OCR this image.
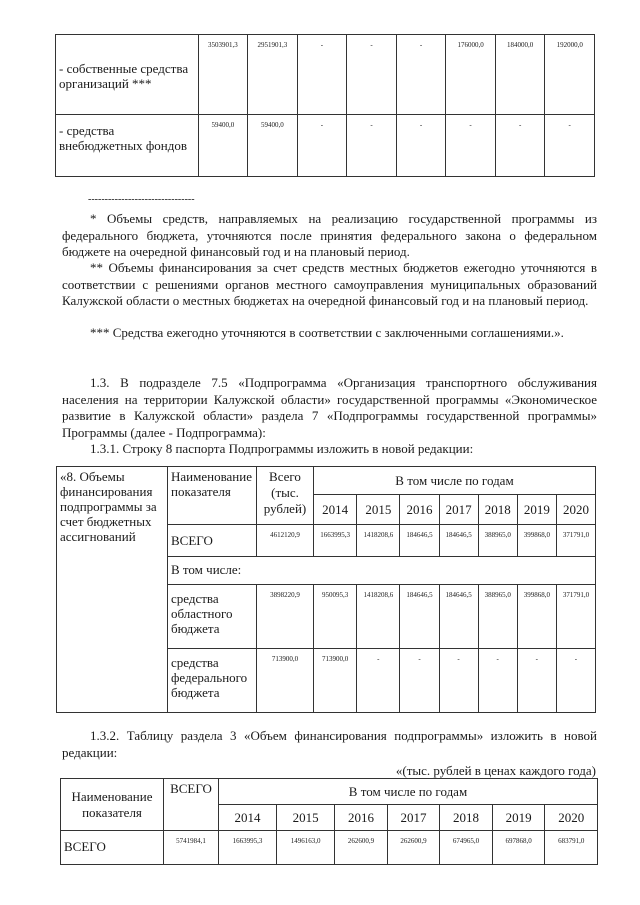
- собственные средства организаций ***	3503901,3	2951901,3	-	-	-	176000,0	184000,0	192000,0
- средства внебюджетных фондов	59400,0	59400,0	-	-	-	-	-	-
--------------------------------

* Объемы средств, направляемых на реализацию государственной программы из федерального бюджета, уточняются после принятия федерального закона о федеральном бюджете на очередной финансовый год и на плановый период.

** Объемы финансирования за счет средств местных бюджетов ежегодно уточняются в соответствии с решениями органов местного самоуправления муниципальных образований Калужской области о местных бюджетах на очередной финансовый год и на плановый период.

*** Средства ежегодно уточняются в соответствии с заключенными соглашениями.».

1.3. В подразделе 7.5 «Подпрограмма «Организация транспортного обслуживания населения на территории Калужской области» государственной программы «Экономическое развитие в Калужской области» раздела 7 «Подпрограммы государственной программы» Программы (далее - Подпрограмма):

1.3.1. Строку 8 паспорта Подпрограммы изложить в новой редакции:

«8. Объемы финансирования подпрограммы за счет бюджетных ассигнований	Наименование показателя	Всего (тыс. рублей)	В том числе по годам						
			2014	2015	2016	2017	2018	2019	2020
	ВСЕГО	4612120,9	1663995,3	1418208,6	184646,5	184646,5	388965,0	399868,0	371791,0
	В том числе:								
	средства областного бюджета	3898220,9	950095,3	1418208,6	184646,5	184646,5	388965,0	399868,0	371791,0
	средства федерального бюджета	713900,0	713900,0	-	-	-	-	-	-

1.3.2. Таблицу раздела 3 «Объем финансирования подпрограммы» изложить в новой редакции:

«(тыс. рублей в ценах каждого года)
Наименование показателя	ВСЕГО	В том числе по годам						
		2014	2015	2016	2017	2018	2019	2020
ВСЕГО	5741984,1	1663995,3	1496163,0	262600,9	262600,9	674965,0	697868,0	683791,0
